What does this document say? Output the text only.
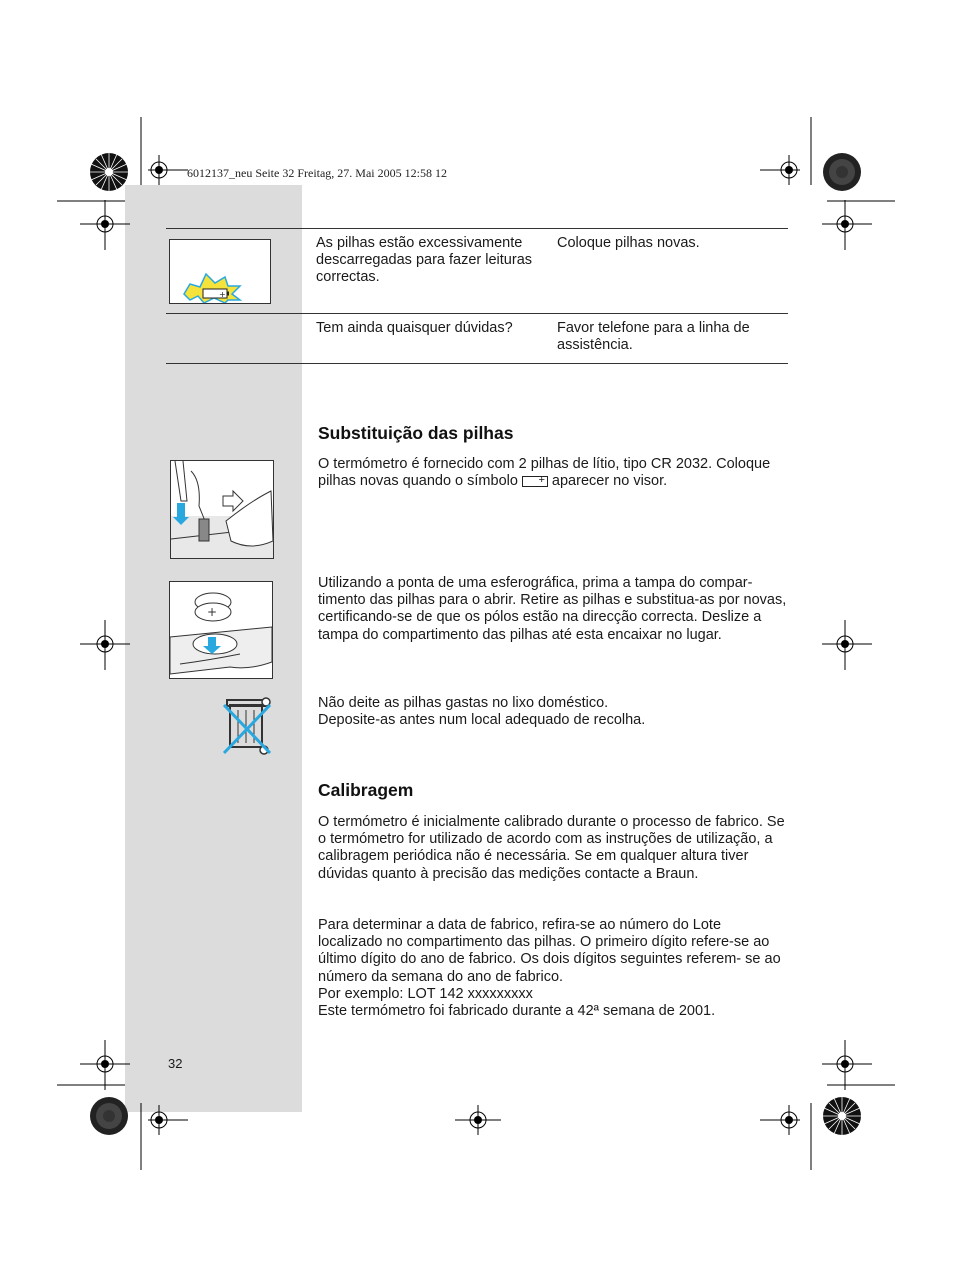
6012137_neu Seite 32 Freitag, 27. Mai 2005 12:58 12
+
As pilhas estão excessivamente descarregadas para fazer leituras correctas.
Coloque pilhas novas.
Tem ainda quaisquer dúvidas?	Favor telefone para a linha de assistência.
Substituição das pilhas

O termómetro é fornecido com 2 pilhas de lítio, tipo CR 2032. Coloque pilhas novas quando o símbolo+ aparecer no visor.

+
Utilizando a ponta de uma esferográfica, prima a tampa do compar- timento das pilhas para o abrir. Retire as pilhas e substitua-as por novas, certificando-se de que os pólos estão na direcção correcta. Deslize a tampa do compartimento das pilhas até esta encaixar no lugar.

Não deite as pilhas gastas no lixo doméstico.

Deposite-as antes num local adequado de recolha.

Calibragem
O termómetro é inicialmente calibrado durante o processo de fabrico. Se o termómetro for utilizado de acordo com as instruções de utilização, a calibragem periódica não é necessária. Se em qualquer altura tiver dúvidas quanto à precisão das medições contacte a Braun.

Para determinar a data de fabrico, refira-se ao número do Lote localizado no compartimento das pilhas. O primeiro dígito refere-se ao último dígito do ano de fabrico. Os dois dígitos seguintes referem- se ao número da semana do ano de fabrico.

Por exemplo: LOT 142 xxxxxxxxx

Este termómetro foi fabricado durante a 42ª semana de 2001.

32
